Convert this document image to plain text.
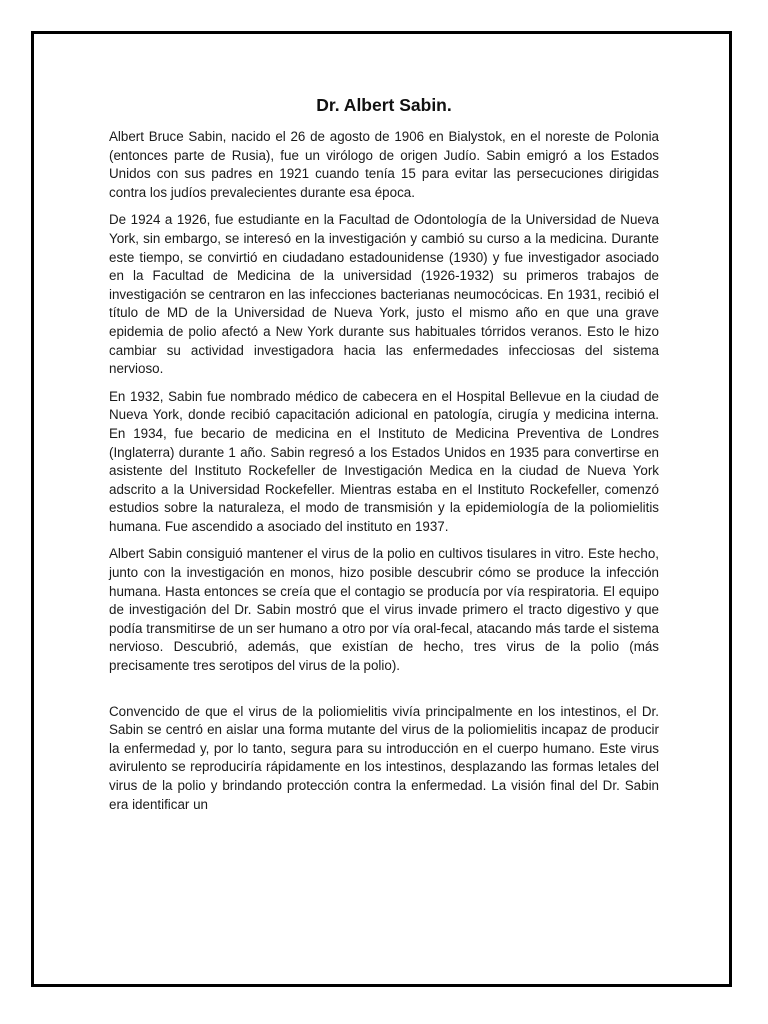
Dr. Albert Sabin.

Albert Bruce Sabin, nacido el 26 de agosto de 1906 en Bialystok, en el noreste de Polonia (entonces parte de Rusia), fue un virólogo de origen Judío. Sabin emigró a los Estados Unidos con sus padres en 1921 cuando tenía 15 para evitar las persecuciones dirigidas contra los judíos prevalecientes durante esa época.

De 1924 a 1926, fue estudiante en la Facultad de Odontología de la Universidad de Nueva York, sin embargo, se interesó en la investigación y cambió su curso a la medicina. Durante este tiempo, se convirtió en ciudadano estadounidense (1930) y fue investigador asociado en la Facultad de Medicina de la universidad (1926-1932) su primeros trabajos de investigación se centraron en las infecciones bacterianas neumocócicas. En 1931, recibió el título de MD de la Universidad de Nueva York, justo el mismo año en que una grave epidemia de polio afectó a New York durante sus habituales tórridos veranos. Esto le hizo cambiar su actividad investigadora hacia las enfermedades infecciosas del sistema nervioso.

En 1932, Sabin fue nombrado médico de cabecera en el Hospital Bellevue en la ciudad de Nueva York, donde recibió capacitación adicional en patología, cirugía y medicina interna. En 1934, fue becario de medicina en el Instituto de Medicina Preventiva de Londres (Inglaterra) durante 1 año. Sabin regresó a los Estados Unidos en 1935 para convertirse en asistente del Instituto Rockefeller de Investigación Medica en la ciudad de Nueva York adscrito a la Universidad Rockefeller. Mientras estaba en el Instituto Rockefeller, comenzó estudios sobre la naturaleza, el modo de transmisión y la epidemiología de la poliomielitis humana. Fue ascendido a asociado del instituto en 1937.

Albert Sabin consiguió mantener el virus de la polio en cultivos tisulares in vitro. Este hecho, junto con la investigación en monos, hizo posible descubrir cómo se produce la infección humana. Hasta entonces se creía que el contagio se producía por vía respiratoria. El equipo de investigación del Dr. Sabin mostró que el virus invade primero el tracto digestivo y que podía transmitirse de un ser humano a otro por vía oral-fecal, atacando más tarde el sistema nervioso. Descubrió, además, que existían de hecho, tres virus de la polio (más precisamente tres serotipos del virus de la polio).

Convencido de que el virus de la poliomielitis vivía principalmente en los intestinos, el Dr. Sabin se centró en aislar una forma mutante del virus de la poliomielitis incapaz de producir la enfermedad y, por lo tanto, segura para su introducción en el cuerpo humano. Este virus avirulento se reproduciría rápidamente en los intestinos, desplazando las formas letales del virus de la polio y brindando protección contra la enfermedad. La visión final del Dr. Sabin era identificar un
